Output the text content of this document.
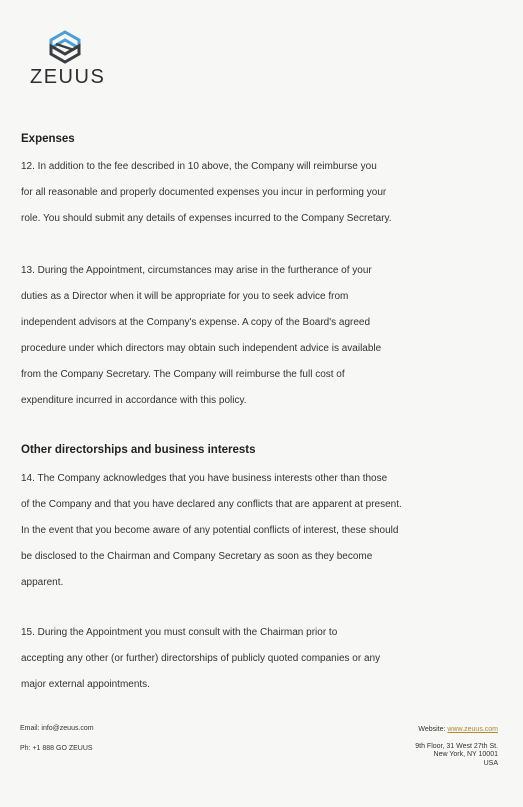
ZEUUS
Expenses
12. In addition to the fee described in 10 above, the Company will reimburse you
for all reasonable and properly documented expenses you incur in performing your
role. You should submit any details of expenses incurred to the Company Secretary.
13. During the Appointment, circumstances may arise in the furtherance of your
duties as a Director when it will be appropriate for you to seek advice from
independent advisors at the Company's expense. A copy of the Board's agreed
procedure under which directors may obtain such independent advice is available
from the Company Secretary. The Company will reimburse the full cost of
expenditure incurred in accordance with this policy.
Other directorships and business interests
14. The Company acknowledges that you have business interests other than those
of the Company and that you have declared any conflicts that are apparent at present.
In the event that you become aware of any potential conflicts of interest, these should
be disclosed to the Chairman and Company Secretary as soon as they become
apparent.
15. During the Appointment you must consult with the Chairman prior to
accepting any other (or further) directorships of publicly quoted companies or any
major external appointments.
Email: info@zeuus.com
Ph: +1 888 GO ZEUUS
Website: www.zeuus.com
9th Floor, 31 West 27th St.
New York, NY 10001
USA
